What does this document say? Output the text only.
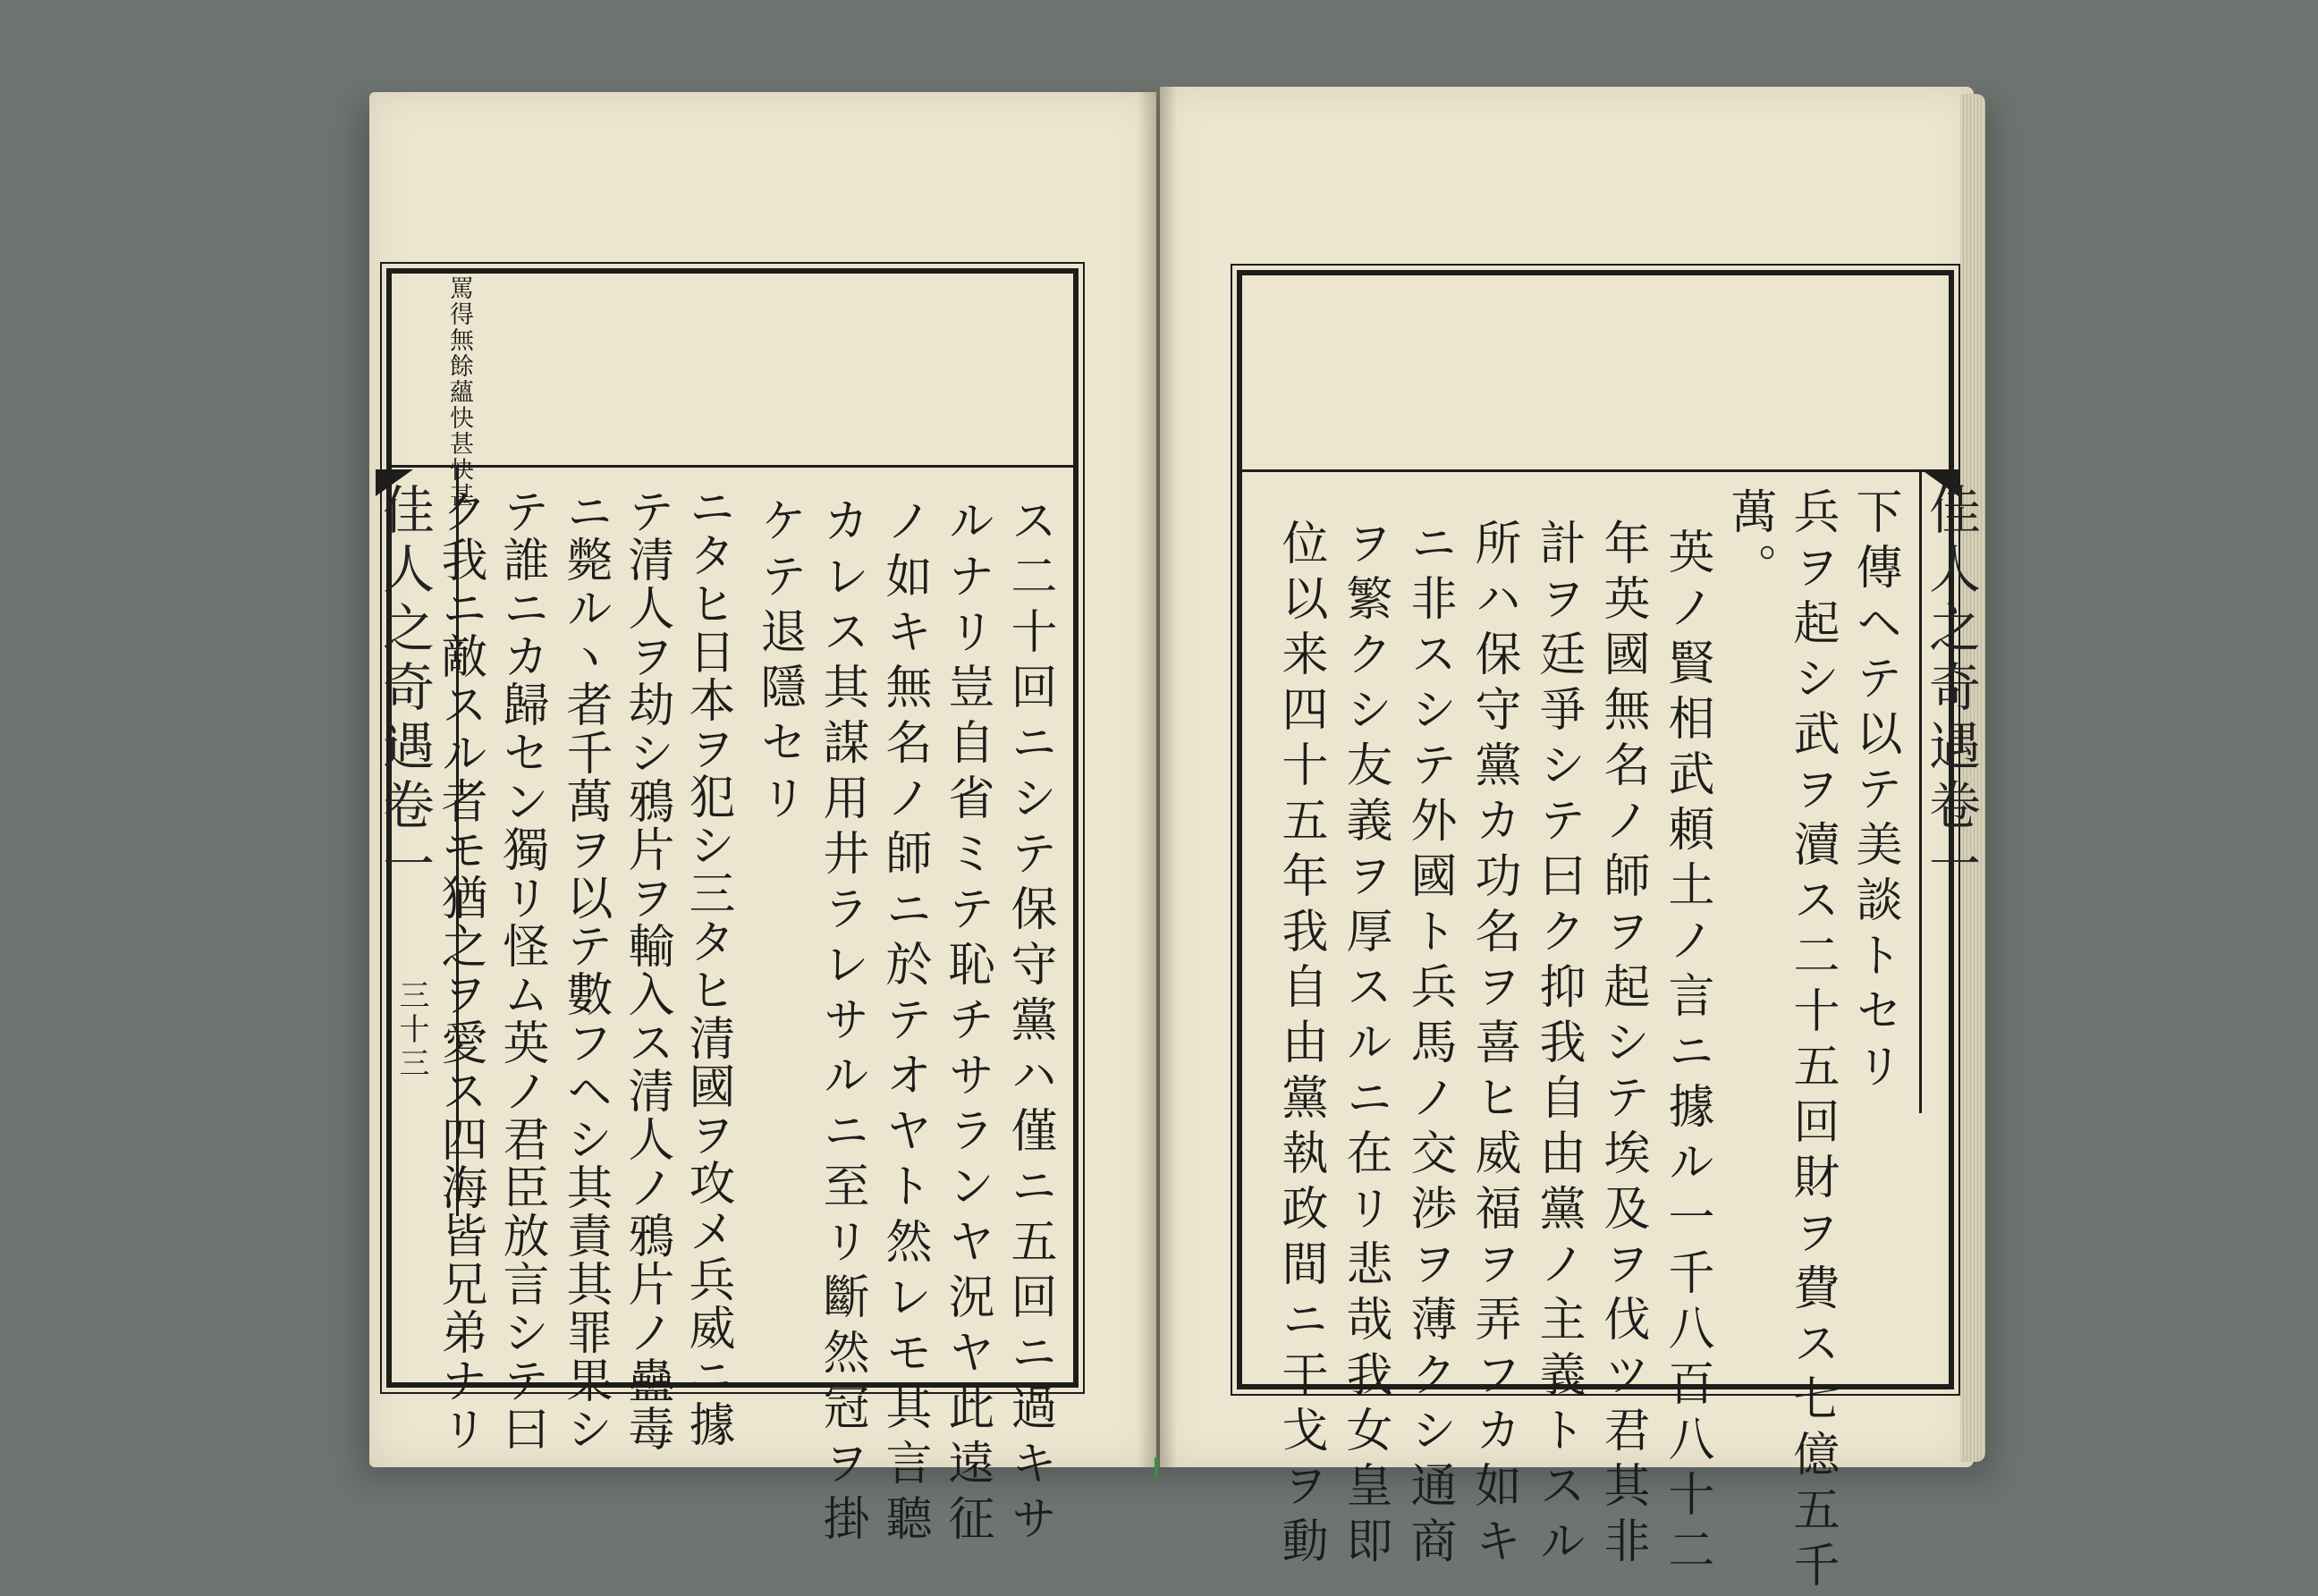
佳人之奇遇卷一
下傳ヘテ以テ美談トセリ
兵ヲ起シ武ヲ瀆ス二十五回財ヲ費ス七億五千
萬。
英ノ賢相武頼土ノ言ニ據ル一千八百八十二
年英國無名ノ師ヲ起シテ埃及ヲ伐ツ君其非
計ヲ廷爭シテ曰ク抑我自由黨ノ主義トスル
所ハ保守黨カ功名ヲ喜ヒ威福ヲ弄フカ如キ
ニ非スシテ外國ト兵馬ノ交渉ヲ薄クシ通商
ヲ繁クシ友義ヲ厚スルニ在リ悲哉我女皇即
位以来四十五年我自由黨執政間ニ干戈ヲ動
罵得無餘蘊快甚快甚
佳人之奇遇卷一
三十三	ス二十回ニシテ保守黨ハ僅ニ五回ニ過キサ
ルナリ豈自省ミテ恥チサランヤ況ヤ此遠征
ノ如キ無名ノ師ニ於テオヤト然レモ其言聽
カレス其謀用井ラレサルニ至リ斷然冠ヲ掛
ケテ退隱セリ
ニタヒ日本ヲ犯シ三タヒ清國ヲ攻メ兵威ニ據
テ清人ヲ劫シ鴉片ヲ輸入ス清人ノ鴉片ノ蠱毒
ニ斃ルヽ者千萬ヲ以テ數フヘシ其責其罪果シ
テ誰ニカ歸セン獨リ怪ム英ノ君臣放言シテ曰
ク我ニ敵スル者モ猶之ヲ愛ス四海皆兄弟ナリ
